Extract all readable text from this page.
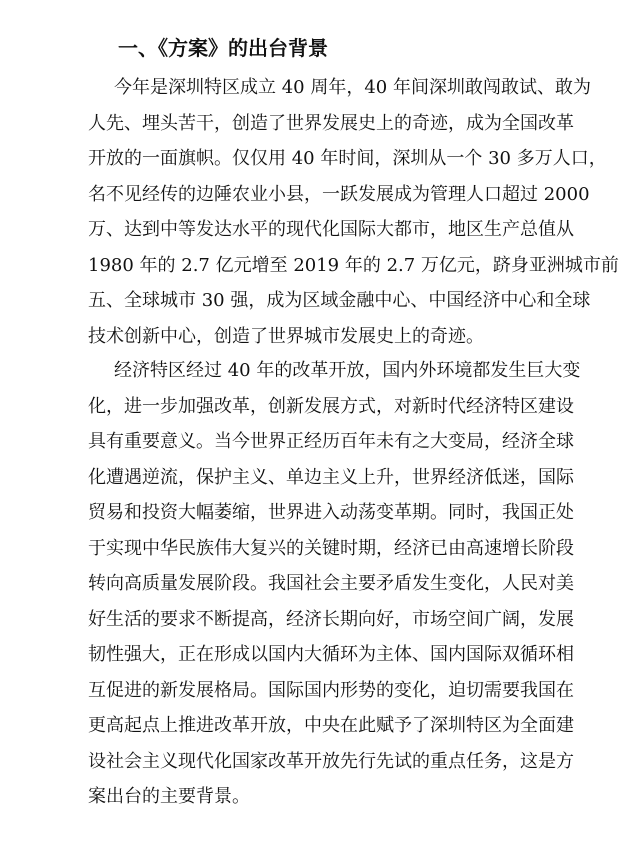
一、《方案》的出台背景
今年是深圳特区成立 40 周年，40 年间深圳敢闯敢试、敢为
人先、埋头苦干，创造了世界发展史上的奇迹，成为全国改革
开放的一面旗帜。仅仅用 40 年时间，深圳从一个 30 多万人口，
名不见经传的边陲农业小县，一跃发展成为管理人口超过 2000
万、达到中等发达水平的现代化国际大都市，地区生产总值从
1980 年的 2.7 亿元增至 2019 年的 2.7 万亿元，跻身亚洲城市前
五、全球城市 30 强，成为区域金融中心、中国经济中心和全球
技术创新中心，创造了世界城市发展史上的奇迹。
经济特区经过 40 年的改革开放，国内外环境都发生巨大变
化，进一步加强改革，创新发展方式，对新时代经济特区建设
具有重要意义。当今世界正经历百年未有之大变局，经济全球
化遭遇逆流，保护主义、单边主义上升，世界经济低迷，国际
贸易和投资大幅萎缩，世界进入动荡变革期。同时，我国正处
于实现中华民族伟大复兴的关键时期，经济已由高速增长阶段
转向高质量发展阶段。我国社会主要矛盾发生变化，人民对美
好生活的要求不断提高，经济长期向好，市场空间广阔，发展
韧性强大，正在形成以国内大循环为主体、国内国际双循环相
互促进的新发展格局。国际国内形势的变化，迫切需要我国在
更高起点上推进改革开放，中央在此赋予了深圳特区为全面建
设社会主义现代化国家改革开放先行先试的重点任务，这是方
案出台的主要背景。
